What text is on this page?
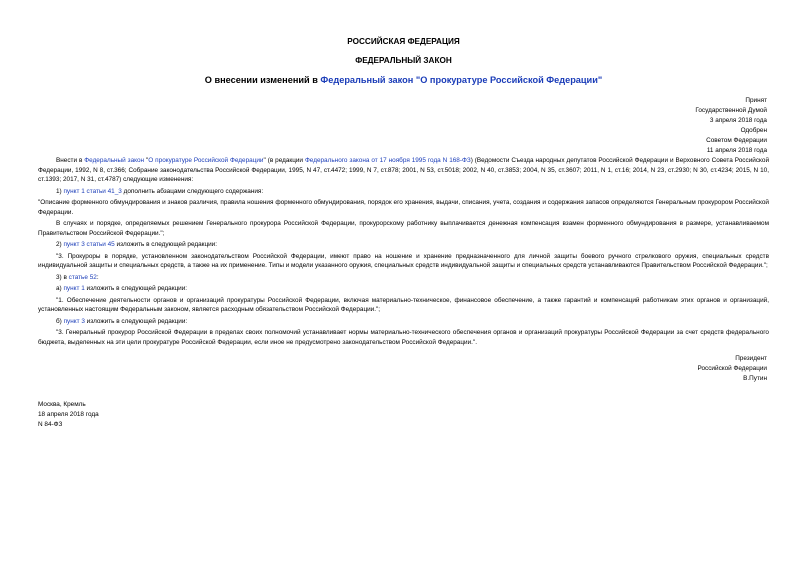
РОССИЙСКАЯ ФЕДЕРАЦИЯ

ФЕДЕРАЛЬНЫЙ ЗАКОН

О внесении изменений в Федеральный закон "О прокуратуре Российской Федерации"

Принят
Государственной Думой
3 апреля 2018 года
Одобрен
Советом Федерации
11 апреля 2018 года

Внести в Федеральный закон "О прокуратуре Российской Федерации" (в редакции Федерального закона от 17 ноября 1995 года N 168-ФЗ) (Ведомости Съезда народных депутатов Российской Федерации и Верховного Совета Российской Федерации, 1992, N 8, ст.366; Собрание законодательства Российской Федерации, 1995, N 47, ст.4472; 1999, N 7, ст.878; 2001, N 53, ст.5018; 2002, N 40, ст.3853; 2004, N 35, ст.3607; 2011, N 1, ст.16; 2014, N 23, ст.2930; N 30, ст.4234; 2015, N 10, ст.1393; 2017, N 31, ст.4787) следующие изменения:

1) пункт 1 статьи 41_3 дополнить абзацами следующего содержания:

"Описание форменного обмундирования и знаков различия, правила ношения форменного обмундирования, порядок его хранения, выдачи, списания, учета, создания и содержания запасов определяются Генеральным прокурором Российской Федерации.

В случаях и порядке, определяемых решением Генерального прокурора Российской Федерации, прокурорскому работнику выплачивается денежная компенсация взамен форменного обмундирования в размере, устанавливаемом Правительством Российской Федерации.";

2) пункт 3 статьи 45 изложить в следующей редакции:

"3. Прокуроры в порядке, установленном законодательством Российской Федерации, имеют право на ношение и хранение предназначенного для личной защиты боевого ручного стрелкового оружия, специальных средств индивидуальной защиты и специальных средств, а также на их применение. Типы и модели указанного оружия, специальных средств индивидуальной защиты и специальных средств устанавливаются Правительством Российской Федерации.";

3) в статье 52:

а) пункт 1 изложить в следующей редакции:

"1. Обеспечение деятельности органов и организаций прокуратуры Российской Федерации, включая материально-техническое, финансовое обеспечение, а также гарантий и компенсаций работникам этих органов и организаций, установленных настоящим Федеральным законом, является расходным обязательством Российской Федерации.";

б) пункт 3 изложить в следующей редакции:

"3. Генеральный прокурор Российской Федерации в пределах своих полномочий устанавливает нормы материально-технического обеспечения органов и организаций прокуратуры Российской Федерации за счет средств федерального бюджета, выделенных на эти цели прокуратуре Российской Федерации, если иное не предусмотрено законодательством Российской Федерации.".

Президент
Российской Федерации
В.Путин
Москва, Кремль
18 апреля 2018 года
N 84-ФЗ
